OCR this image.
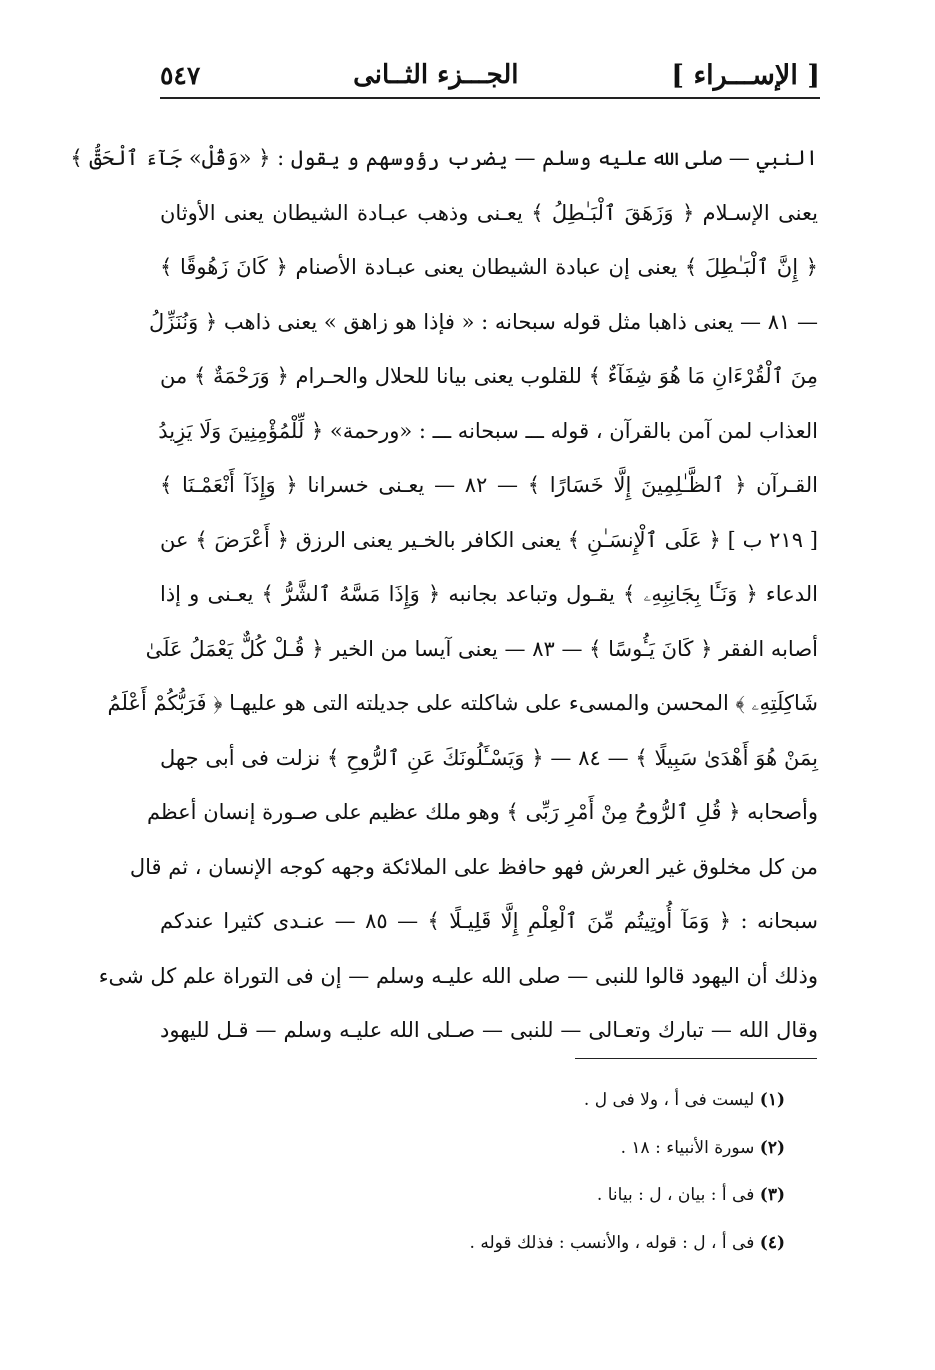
[ الإســـراء ]
الجـــزء الثــانى
٥٤٧
النبي — صلى الله عليه وسلم — يضرب رؤوسهم و يقول : ﴿ «وَقُلْ» جَآءَ ٱلْحَقُّ ﴾
يعنى الإسـلام ﴿ وَزَهَقَ ٱلْبَـٰطِلُ ﴾ يعـنى وذهب عبـادة الشيطان يعنى الأوثان
﴿ إِنَّ ٱلْبَـٰطِلَ ﴾ يعنى إن عبادة الشيطان يعنى عبـادة الأصنام ﴿ كَانَ زَهُوقًا ﴾
— ٨١ — يعنى ذاهبا مثل قوله سبحانه : « فإذا هو زاهق » يعنى ذاهب ﴿ وَنُنَزِّلُ
مِنَ ٱلْقُرْءَانِ مَا هُوَ شِفَآءٌ ﴾ للقلوب يعنى بيانا للحلال والحـرام ﴿ وَرَحْمَةٌ ﴾ من
العذاب لمن آمن بالقرآن ، قوله ـــ سبحانه ـــ : «ورحمة» ﴿ لِّلْمُؤْمِنِينَ وَلَا يَزِيدُ
القـرآن ﴿ ٱلظَّـٰلِمِينَ إِلَّا خَسَارًا ﴾ — ٨٢ — يعـنى خسرانا ﴿ وَإِذَآ أَنْعَمْـنَا ﴾
[ ٢١٩ ب ] ﴿ عَلَى ٱلْإِنسَـٰنِ ﴾ يعنى الكافر بالخـير يعنى الرزق ﴿ أَعْرَضَ ﴾ عن
الدعاء ﴿ وَنَـَٔا بِجَانِبِهِۦ ﴾ يقـول وتباعد بجانبه ﴿ وَإِذَا مَسَّهُ ٱلشَّرُّ ﴾ يعـنى و إذا
أصابه الفقر ﴿ كَانَ يَـُٔوسًا ﴾ — ٨٣ — يعنى آيسا من الخير ﴿ قُـلْ كُلٌّ يَعْمَلُ عَلَىٰ
شَاكِلَتِهِۦ ﴾ المحسن والمسىء على شاكلته على جديلته التى هو عليهـا ﴿ فَرَبُّكُمْ أَعْلَمُ
بِمَنْ هُوَ أَهْدَىٰ سَبِيلًا ﴾ — ٨٤ — ﴿ وَيَسْـَٔلُونَكَ عَنِ ٱلرُّوحِ ﴾ نزلت فى أبى جهل
وأصحابه ﴿ قُلِ ٱلرُّوحُ مِنْ أَمْرِ رَبِّى ﴾ وهو ملك عظيم على صـورة إنسان أعظم
من كل مخلوق غير العرش فهو حافظ على الملائكة وجهه كوجه الإنسان ، ثم قال
سبحانه : ﴿ وَمَآ أُوتِيتُم مِّنَ ٱلْعِلْمِ إِلَّا قَلِيـلًا ﴾ — ٨٥ — عنـدى كثيرا عندكم
وذلك أن اليهود قالوا للنبى — صلى الله عليـه وسلم — إن فى التوراة علم كل شىء
وقال الله — تبارك وتعـالى — للنبى — صـلى الله عليـه وسلم — قـل لليهود
(١) ليست فى أ ، ولا فى ل .
(٢) سورة الأنبياء : ١٨ .
(٣) فى أ : بيان ، ل : بيانا .
(٤) فى أ ، ل : قوله ، والأنسب : فذلك قوله .
